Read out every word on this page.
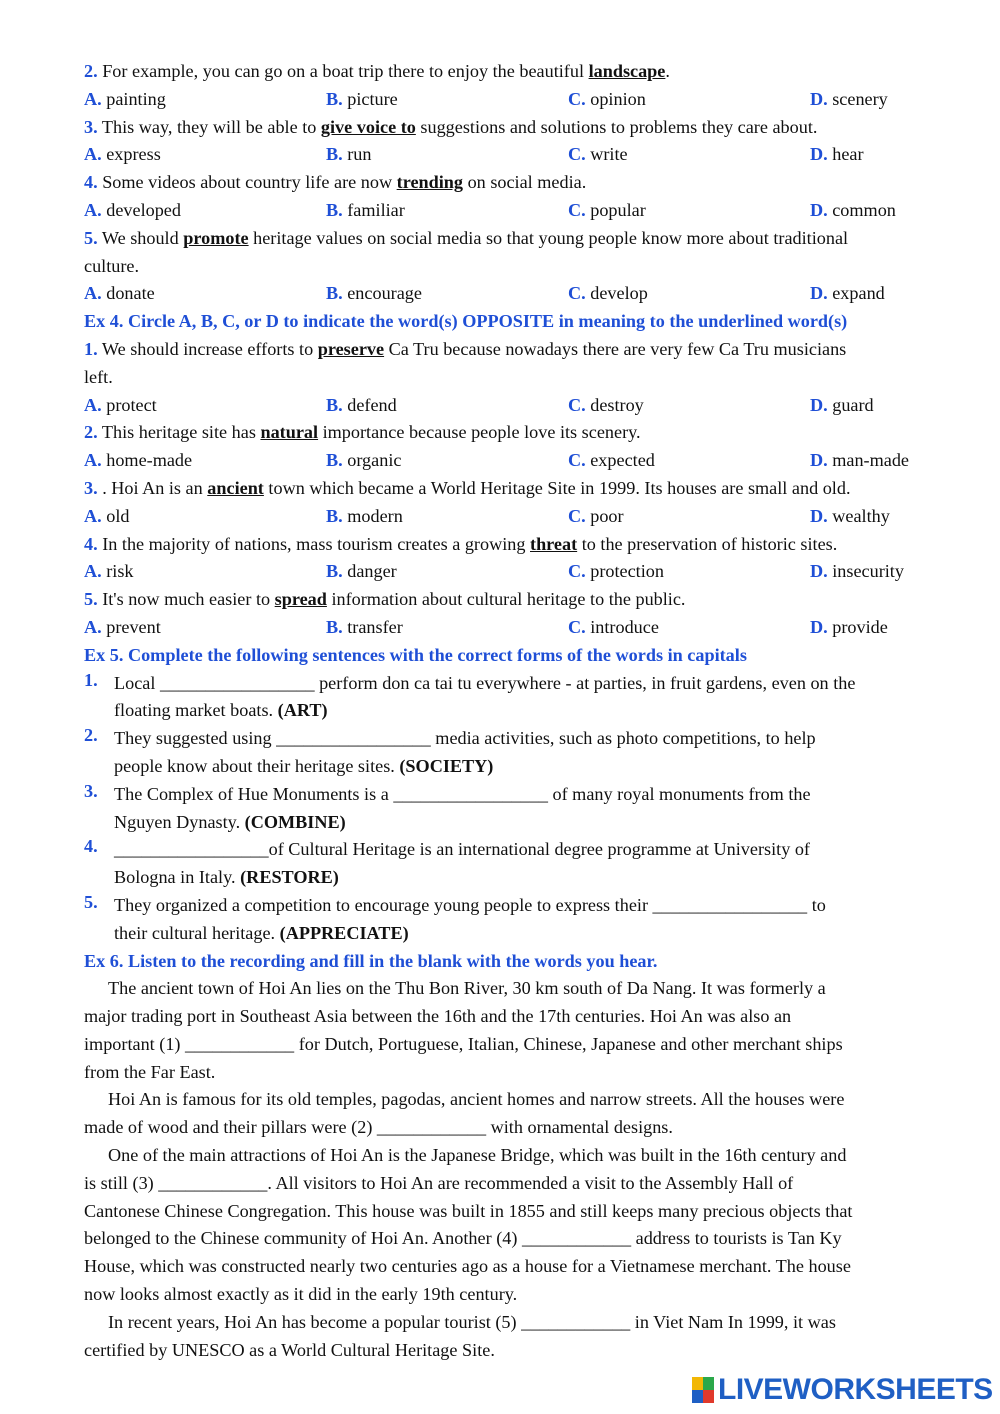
2. For example, you can go on a boat trip there to enjoy the beautiful landscape.
A. painting	B. picture	C. opinion	D. scenery
3. This way, they will be able to give voice to suggestions and solutions to problems they care about.
A. express	B. run	C. write	D. hear
4. Some videos about country life are now trending on social media.
A. developed	B. familiar	C. popular	D. common
5. We should promote heritage values on social media so that young people know more about traditional
culture.
A. donate	B. encourage	C. develop	D. expand
Ex 4. Circle A, B, C, or D to indicate the word(s) OPPOSITE in meaning to the underlined word(s)
1. We should increase efforts to preserve Ca Tru because nowadays there are very few Ca Tru musicians
left.
A. protect	B. defend	C. destroy	D. guard
2. This heritage site has natural importance because people love its scenery.
A. home-made	B. organic	C. expected	D. man-made
3. . Hoi An is an ancient town which became a World Heritage Site in 1999. Its houses are small and old.
A. old	B. modern	C. poor	D. wealthy
4. In the majority of nations, mass tourism creates a growing threat to the preservation of historic sites.
A. risk	B. danger	C. protection	D. insecurity
5. It's now much easier to spread information about cultural heritage to the public.
A. prevent	B. transfer	C. introduce	D. provide
Ex 5. Complete the following sentences with the correct forms of the words in capitals
1. Local _________________ perform don ca tai tu everywhere - at parties, in fruit gardens, even on the
floating market boats. (ART)
2. They suggested using _________________ media activities, such as photo competitions, to help
people know about their heritage sites. (SOCIETY)
3. The Complex of Hue Monuments is a _________________ of many royal monuments from the
Nguyen Dynasty. (COMBINE)
4. _________________of Cultural Heritage is an international degree programme at University of
Bologna in Italy. (RESTORE)
5. They organized a competition to encourage young people to express their _________________ to
their cultural heritage. (APPRECIATE)
Ex 6. Listen to the recording and fill in the blank with the words you hear.
The ancient town of Hoi An lies on the Thu Bon River, 30 km south of Da Nang. It was formerly a
major trading port in Southeast Asia between the 16th and the 17th centuries. Hoi An was also an
important (1) ____________ for Dutch, Portuguese, Italian, Chinese, Japanese and other merchant ships
from the Far East.
Hoi An is famous for its old temples, pagodas, ancient homes and narrow streets. All the houses were
made of wood and their pillars were (2) ____________ with ornamental designs.
One of the main attractions of Hoi An is the Japanese Bridge, which was built in the 16th century and
is still (3) ____________. All visitors to Hoi An are recommended a visit to the Assembly Hall of
Cantonese Chinese Congregation. This house was built in 1855 and still keeps many precious objects that
belonged to the Chinese community of Hoi An. Another (4) ____________ address to tourists is Tan Ky
House, which was constructed nearly two centuries ago as a house for a Vietnamese merchant. The house
now looks almost exactly as it did in the early 19th century.
In recent years, Hoi An has become a popular tourist (5) ____________ in Viet Nam In 1999, it was
certified by UNESCO as a World Cultural Heritage Site.
LIVEWORKSHEETS
